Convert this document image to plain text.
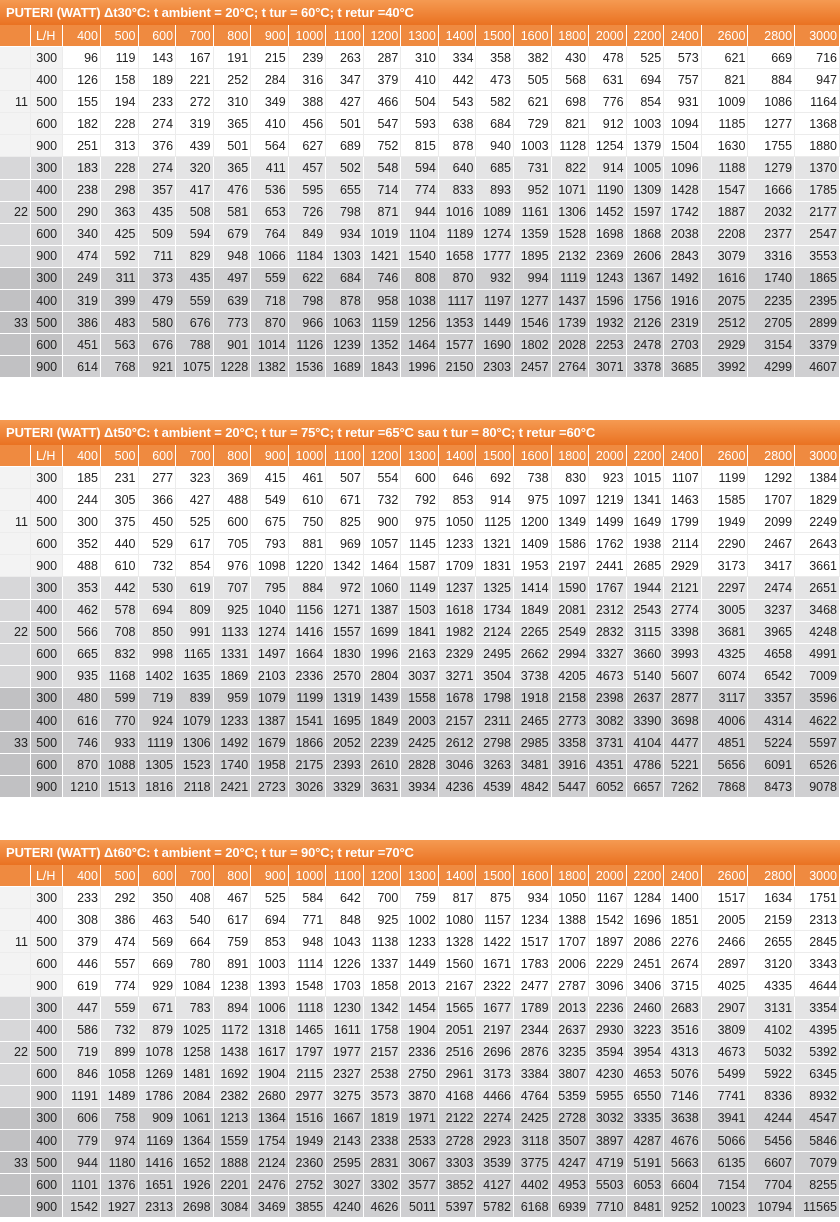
PUTERI (WATT) Δt30°C: t ambient = 20°C; t tur = 60°C; t retur =40°C
	L/H	400	500	600	700	800	900	1000	1100	1200	1300	1400	1500	1600	1800	2000	2200	2400	2600	2800	3000
	300	96	119	143	167	191	215	239	263	287	310	334	358	382	430	478	525	573	621	669	716
	400	126	158	189	221	252	284	316	347	379	410	442	473	505	568	631	694	757	821	884	947
11	500	155	194	233	272	310	349	388	427	466	504	543	582	621	698	776	854	931	1009	1086	1164
	600	182	228	274	319	365	410	456	501	547	593	638	684	729	821	912	1003	1094	1185	1277	1368
	900	251	313	376	439	501	564	627	689	752	815	878	940	1003	1128	1254	1379	1504	1630	1755	1880
	300	183	228	274	320	365	411	457	502	548	594	640	685	731	822	914	1005	1096	1188	1279	1370
	400	238	298	357	417	476	536	595	655	714	774	833	893	952	1071	1190	1309	1428	1547	1666	1785
22	500	290	363	435	508	581	653	726	798	871	944	1016	1089	1161	1306	1452	1597	1742	1887	2032	2177
	600	340	425	509	594	679	764	849	934	1019	1104	1189	1274	1359	1528	1698	1868	2038	2208	2377	2547
	900	474	592	711	829	948	1066	1184	1303	1421	1540	1658	1777	1895	2132	2369	2606	2843	3079	3316	3553
	300	249	311	373	435	497	559	622	684	746	808	870	932	994	1119	1243	1367	1492	1616	1740	1865
	400	319	399	479	559	639	718	798	878	958	1038	1117	1197	1277	1437	1596	1756	1916	2075	2235	2395
33	500	386	483	580	676	773	870	966	1063	1159	1256	1353	1449	1546	1739	1932	2126	2319	2512	2705	2899
	600	451	563	676	788	901	1014	1126	1239	1352	1464	1577	1690	1802	2028	2253	2478	2703	2929	3154	3379
	900	614	768	921	1075	1228	1382	1536	1689	1843	1996	2150	2303	2457	2764	3071	3378	3685	3992	4299	4607
PUTERI (WATT) Δt50°C: t ambient = 20°C; t tur = 75°C; t retur =65°C sau t tur = 80°C; t retur =60°C
	L/H	400	500	600	700	800	900	1000	1100	1200	1300	1400	1500	1600	1800	2000	2200	2400	2600	2800	3000
	300	185	231	277	323	369	415	461	507	554	600	646	692	738	830	923	1015	1107	1199	1292	1384
	400	244	305	366	427	488	549	610	671	732	792	853	914	975	1097	1219	1341	1463	1585	1707	1829
11	500	300	375	450	525	600	675	750	825	900	975	1050	1125	1200	1349	1499	1649	1799	1949	2099	2249
	600	352	440	529	617	705	793	881	969	1057	1145	1233	1321	1409	1586	1762	1938	2114	2290	2467	2643
	900	488	610	732	854	976	1098	1220	1342	1464	1587	1709	1831	1953	2197	2441	2685	2929	3173	3417	3661
	300	353	442	530	619	707	795	884	972	1060	1149	1237	1325	1414	1590	1767	1944	2121	2297	2474	2651
	400	462	578	694	809	925	1040	1156	1271	1387	1503	1618	1734	1849	2081	2312	2543	2774	3005	3237	3468
22	500	566	708	850	991	1133	1274	1416	1557	1699	1841	1982	2124	2265	2549	2832	3115	3398	3681	3965	4248
	600	665	832	998	1165	1331	1497	1664	1830	1996	2163	2329	2495	2662	2994	3327	3660	3993	4325	4658	4991
	900	935	1168	1402	1635	1869	2103	2336	2570	2804	3037	3271	3504	3738	4205	4673	5140	5607	6074	6542	7009
	300	480	599	719	839	959	1079	1199	1319	1439	1558	1678	1798	1918	2158	2398	2637	2877	3117	3357	3596
	400	616	770	924	1079	1233	1387	1541	1695	1849	2003	2157	2311	2465	2773	3082	3390	3698	4006	4314	4622
33	500	746	933	1119	1306	1492	1679	1866	2052	2239	2425	2612	2798	2985	3358	3731	4104	4477	4851	5224	5597
	600	870	1088	1305	1523	1740	1958	2175	2393	2610	2828	3046	3263	3481	3916	4351	4786	5221	5656	6091	6526
	900	1210	1513	1816	2118	2421	2723	3026	3329	3631	3934	4236	4539	4842	5447	6052	6657	7262	7868	8473	9078
PUTERI (WATT) Δt60°C: t ambient = 20°C; t tur = 90°C; t retur =70°C
	L/H	400	500	600	700	800	900	1000	1100	1200	1300	1400	1500	1600	1800	2000	2200	2400	2600	2800	3000
	300	233	292	350	408	467	525	584	642	700	759	817	875	934	1050	1167	1284	1400	1517	1634	1751
	400	308	386	463	540	617	694	771	848	925	1002	1080	1157	1234	1388	1542	1696	1851	2005	2159	2313
11	500	379	474	569	664	759	853	948	1043	1138	1233	1328	1422	1517	1707	1897	2086	2276	2466	2655	2845
	600	446	557	669	780	891	1003	1114	1226	1337	1449	1560	1671	1783	2006	2229	2451	2674	2897	3120	3343
	900	619	774	929	1084	1238	1393	1548	1703	1858	2013	2167	2322	2477	2787	3096	3406	3715	4025	4335	4644
	300	447	559	671	783	894	1006	1118	1230	1342	1454	1565	1677	1789	2013	2236	2460	2683	2907	3131	3354
	400	586	732	879	1025	1172	1318	1465	1611	1758	1904	2051	2197	2344	2637	2930	3223	3516	3809	4102	4395
22	500	719	899	1078	1258	1438	1617	1797	1977	2157	2336	2516	2696	2876	3235	3594	3954	4313	4673	5032	5392
	600	846	1058	1269	1481	1692	1904	2115	2327	2538	2750	2961	3173	3384	3807	4230	4653	5076	5499	5922	6345
	900	1191	1489	1786	2084	2382	2680	2977	3275	3573	3870	4168	4466	4764	5359	5955	6550	7146	7741	8336	8932
	300	606	758	909	1061	1213	1364	1516	1667	1819	1971	2122	2274	2425	2728	3032	3335	3638	3941	4244	4547
	400	779	974	1169	1364	1559	1754	1949	2143	2338	2533	2728	2923	3118	3507	3897	4287	4676	5066	5456	5846
33	500	944	1180	1416	1652	1888	2124	2360	2595	2831	3067	3303	3539	3775	4247	4719	5191	5663	6135	6607	7079
	600	1101	1376	1651	1926	2201	2476	2752	3027	3302	3577	3852	4127	4402	4953	5503	6053	6604	7154	7704	8255
	900	1542	1927	2313	2698	3084	3469	3855	4240	4626	5011	5397	5782	6168	6939	7710	8481	9252	10023	10794	11565
